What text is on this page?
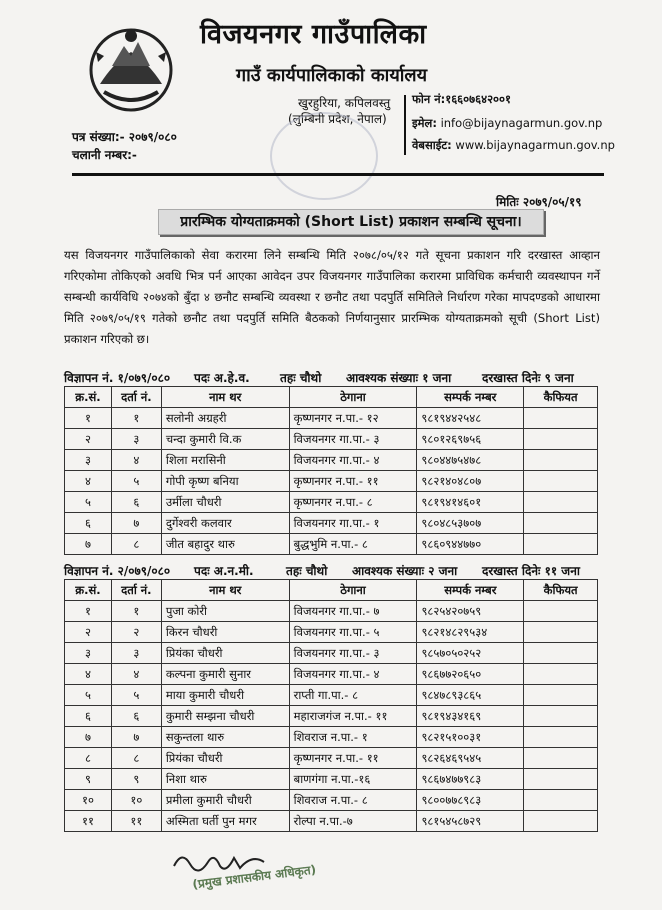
विजयनगर गाउँपालिका
गाउँ कार्यपालिकाको कार्यालय
खुरहुरिया, कपिलवस्तु
(लुम्बिनी प्रदेश, नेपाल)
फोन नं:१६६०७६४२००१
इमेल: info@bijaynagarmun.gov.np
वेबसाईट: www.bijaynagarmun.gov.np
पत्र संख्या:- २०७९/०८०
चलानी नम्बर:-
मितिः २०७९/०५/१९
प्रारम्भिक योग्यताक्रमको (Short List) प्रकाशन सम्बन्धि सूचना।
यस विजयनगर गाउँपालिकाको सेवा करारमा लिने सम्बन्धि मिति २०७८/०५/१२ गते सूचना प्रकाशन गरि दरखास्त आव्हान गरिएकोमा तोकिएको अवधि भित्र पर्न आएका आवेदन उपर विजयनगर गाउँपालिका करारमा प्राविधिक कर्मचारी व्यवस्थापन गर्ने सम्बन्धी कार्यविधि २०७४को बुँदा ४ छनौट सम्बन्धि व्यवस्था र छनौट तथा पदपुर्ति समितिले निर्धारण गरेका मापदण्डको आधारमा मिति २०७९/०५/१९ गतेको छनौट तथा पदपुर्ति समिति बैठकको निर्णयानुसार प्रारम्भिक योग्यताक्रमको सूची (Short List) प्रकाशन गरिएको छ।
विज्ञापन नं. १/०७९/०८० पदः अ.हे.व.	तहः चौथो आवश्यक संख्याः १ जना	दरखास्त दिनेः ९ जना
क्र.सं.	दर्ता नं.	नाम थर	ठेगाना	सम्पर्क नम्बर	कैफियत
१	१	सलोनी अग्रहरी	कृष्णनगर न.पा.- १२	९८१९४४२५४८	
२	३	चन्दा कुमारी वि.क	विजयनगर गा.पा.- ३	९८०१२६९७५६	
३	४	शिला मरासिनी	विजयनगर गा.पा.- ४	९८०४४७५४७८	
४	५	गोपी कृष्ण बनिया	कृष्णनगर न.पा.- ११	९८२१४०४८०७	
५	६	उर्मीला चौधरी	कृष्णनगर न.पा.- ८	९८१९४१४६०१	
६	७	दुर्गेश्वरी कलवार	विजयनगर गा.पा.- १	९८०४८५३७०७	
७	८	जीत बहादुर थारु	बुद्धभुमि न.पा.- ८	९८६०९४४७७०	
विज्ञापन नं. २/०७९/०८० पदः अ.न.मी.	तहः चौथो आवश्यक संख्याः २ जना दरखास्त दिनेः ११ जना
क्र.सं.	दर्ता नं.	नाम थर	ठेगाना	सम्पर्क नम्बर	कैफियत
१	१	पुजा कोरी	विजयनगर गा.पा.- ७	९८२५४२०७५९	
२	२	किरन चौधरी	विजयनगर गा.पा.- ५	९८२१४८२९५३४	
३	३	प्रियंका चौधरी	विजयनगर गा.पा.- ३	९८५७०५०२५२	
४	४	कल्पना कुमारी सुनार	विजयनगर गा.पा.- ४	९८६७७२०६५०	
५	५	माया कुमारी चौधरी	राप्ती गा.पा.- ८	९८४७८९३८६५	
६	६	कुमारी सम्झना चौधरी	महाराजगंज न.पा.- ११	९८१९४३४१६९	
७	७	सकुन्तला थारु	शिवराज न.पा.- १	९८२१५१००३१	
८	८	प्रियंका चौधरी	कृष्णनगर न.पा.- ११	९८२६४६९५४५	
९	९	निशा थारु	बाणगंगा न.पा.-१६	९८६७४७७९८३	
१०	१०	प्रमीला कुमारी चौधरी	शिवराज न.पा.- ८	९८००७७८९८३	
११	११	अस्मिता घर्ती पुन मगर	रोल्पा न.पा.-७	९८१५४५८७२९	
(प्रमुख प्रशासकीय अधिकृत)
